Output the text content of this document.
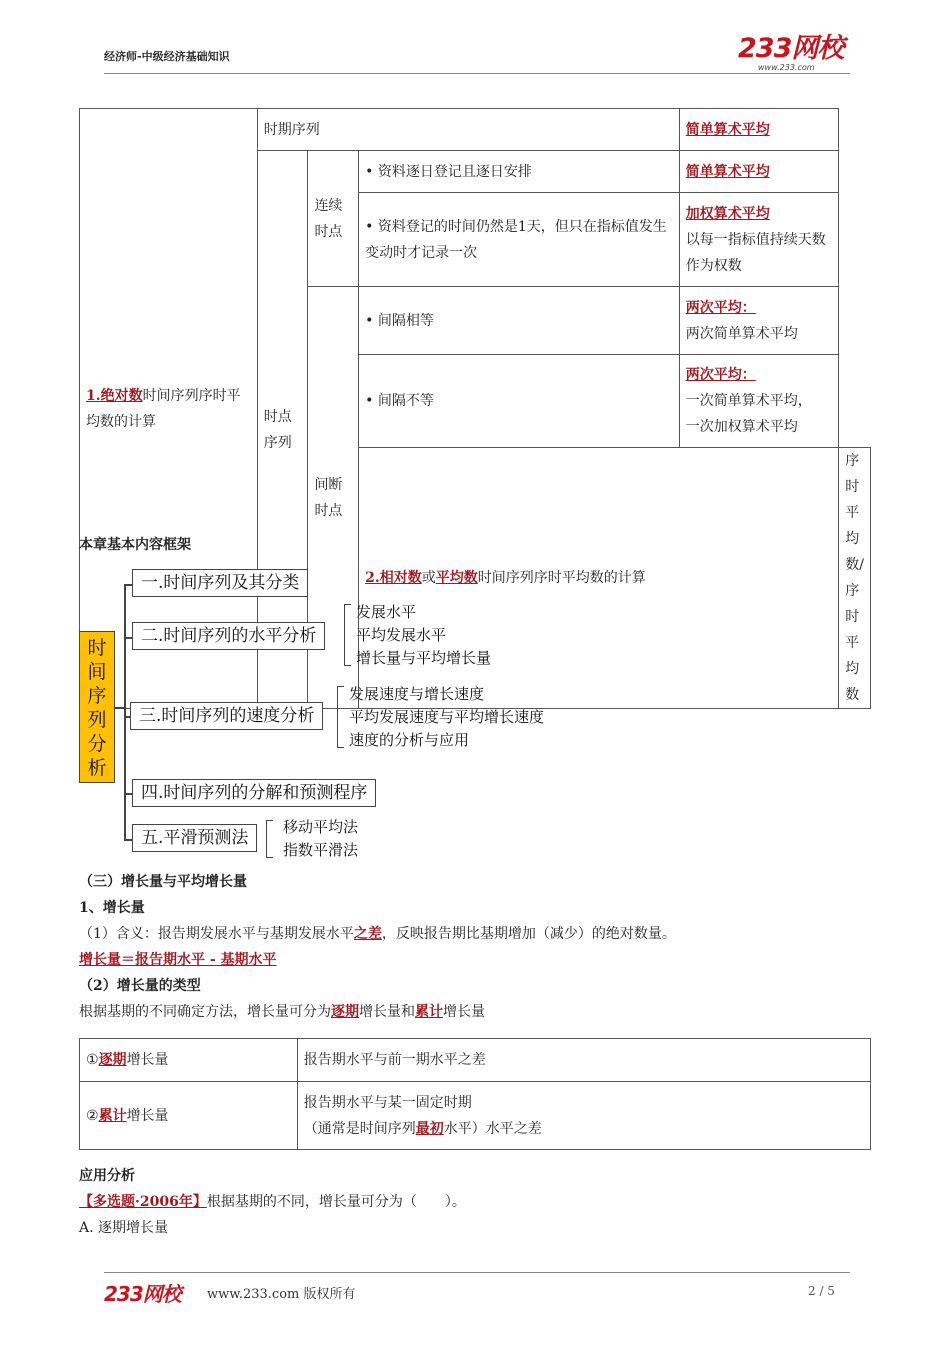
经济师-中级经济基础知识	233网校
www.233.com
1.绝对数时间序列序时平均数的计算	时期序列			简单算术平均	
	时点序列	连续时点	• 资料逐日登记且逐日安排	简单算术平均	
			• 资料登记的时间仍然是1天，但只在指标值发生变动时才记录一次	加权算术平均
以每一指标值持续天数作为权数	

		间断时点	• 间隔相等	两次平均：
两次简单算术平均	

			• 间隔不等	两次平均：
一次简单算术平均，
一次加权算术平均	

			2.相对数或平均数时间序列序时平均数的计算		序时平均数/序时平均数
本章基本内容框架
时
间
序
列
分
析
一.时间序列及其分类
二.时间序列的水平分析
发展水平
平均发展水平
增长量与平均增长量
三.时间序列的速度分析
发展速度与增长速度
平均发展速度与平均增长速度
速度的分析与应用
四.时间序列的分解和预测程序
五.平滑预测法
移动平均法
指数平滑法
（三）增长量与平均增长量
1、增长量
（1）含义：报告期发展水平与基期发展水平之差，反映报告期比基期增加（减少）的绝对数量。
增长量＝报告期水平 - 基期水平
（2）增长量的类型
根据基期的不同确定方法，增长量可分为逐期增长量和累计增长量
①逐期增长量	报告期水平与前一期水平之差
②累计增长量	报告期水平与某一固定时期
（通常是时间序列最初水平）水平之差
应用分析
【多选题·2006年】根据基期的不同，增长量可分为（　　）。
A. 逐期增长量
233网校 www.233.com 版权所有	2 / 5
